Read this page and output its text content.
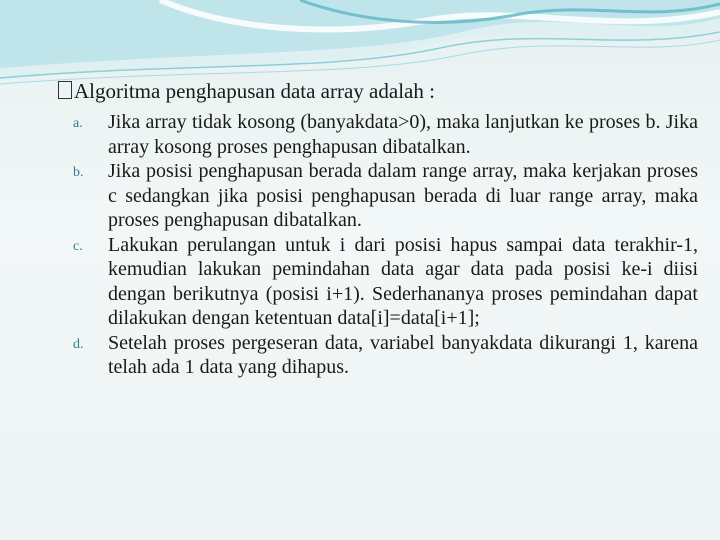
Algoritma penghapusan data array adalah :
a.	Jika array tidak kosong (banyakdata>0), maka lanjutkan ke proses b. Jika array kosong proses penghapusan dibatalkan.
b.	Jika posisi penghapusan berada dalam range array, maka kerjakan proses c sedangkan jika posisi penghapusan berada di luar range array, maka proses penghapusan dibatalkan.
c.	Lakukan perulangan untuk i dari posisi hapus sampai data terakhir-1, kemudian lakukan pemindahan data agar data pada posisi ke-i diisi dengan berikutnya (posisi i+1). Sederhananya proses pemindahan dapat dilakukan dengan ketentuan data[i]=data[i+1];
d.	Setelah proses pergeseran data, variabel banyakdata dikurangi 1, karena telah ada 1 data yang dihapus.
